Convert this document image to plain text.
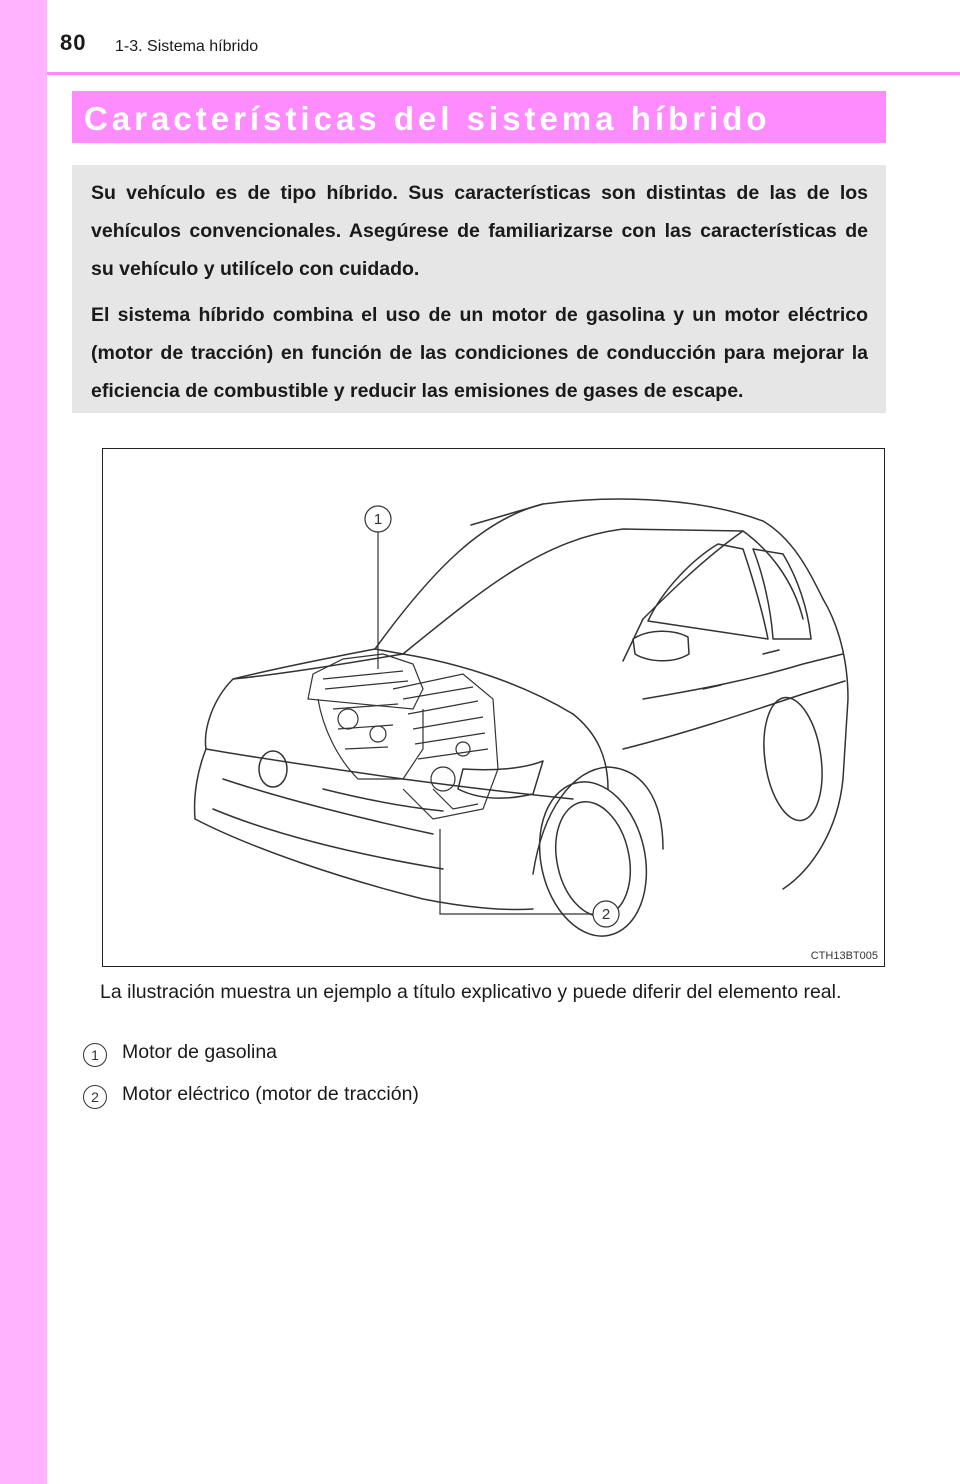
80 1-3. Sistema híbrido
Características del sistema híbrido

Su vehículo es de tipo híbrido. Sus características son distintas de las de los vehículos convencionales. Asegúrese de familiarizarse con las características de su vehículo y utilícelo con cuidado.

El sistema híbrido combina el uso de un motor de gasolina y un motor eléctrico (motor de tracción) en función de las condiciones de conducción para mejorar la eficiencia de combustible y reducir las emisiones de gases de escape.

1
2
CTH13BT005

La ilustración muestra un ejemplo a título explicativo y puede diferir del elemento real.

1	Motor de gasolina
2	Motor eléctrico (motor de tracción)
